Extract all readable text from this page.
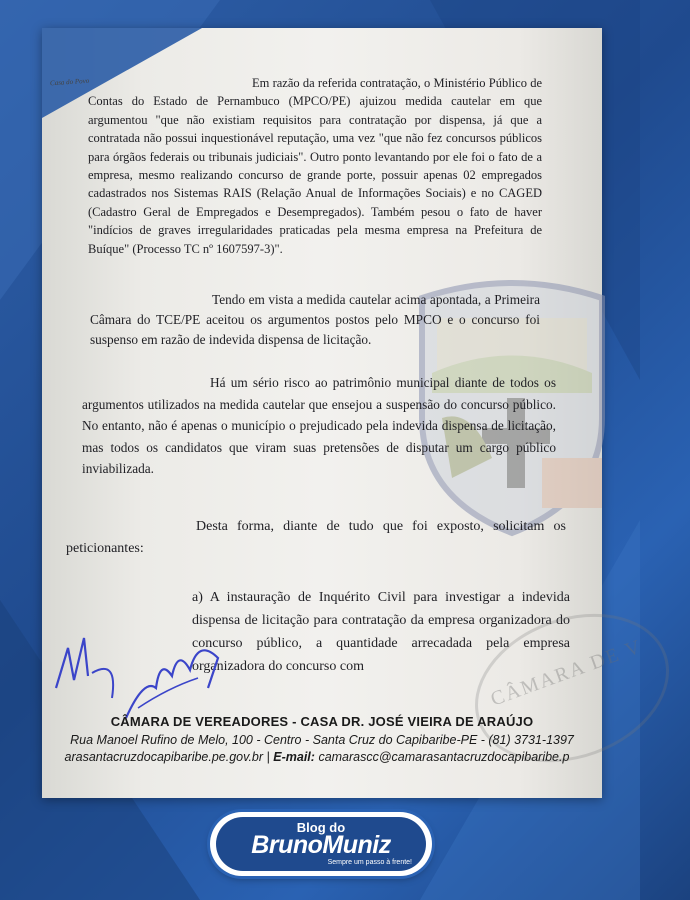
Casa do Povo	Em razão da referida contratação, o Ministério Público de Contas do Estado de Pernambuco (MPCO/PE) ajuizou medida cautelar em que argumentou "que não existiam requisitos para contratação por dispensa, já que a contratada não possui inquestionável reputação, uma vez "que não fez concursos públicos para órgãos federais ou tribunais judiciais". Outro ponto levantando por ele foi o fato de a empresa, mesmo realizando concurso de grande porte, possuir apenas 02 empregados cadastrados nos Sistemas RAIS (Relação Anual de Informações Sociais) e no CAGED (Cadastro Geral de Empregados e Desempregados). Também pesou o fato de haver "indícios de graves irregularidades praticadas pela mesma empresa na Prefeitura de Buíque" (Processo TC nº 1607597-3)".
Tendo em vista a medida cautelar acima apontada, a Primeira Câmara do TCE/PE aceitou os argumentos postos pelo MPCO e o concurso foi suspenso em razão de indevida dispensa de licitação.
Há um sério risco ao patrimônio municipal diante de todos os argumentos utilizados na medida cautelar que ensejou a suspensão do concurso público. No entanto, não é apenas o município o prejudicado pela indevida dispensa de licitação, mas todos os candidatos que viram suas pretensões de disputar um cargo público inviabilizada.
Desta forma, diante de tudo que foi exposto, solicitam os peticionantes:
a) A instauração de Inquérito Civil para investigar a indevida dispensa de licitação para contratação da empresa organizadora do concurso público, a quantidade arrecadada pela empresa organizadora do concurso com	CÂMARA DE V
CÂMARA DE VEREADORES - CASA DR. JOSÉ VIEIRA DE ARAÚJO
Rua Manoel Rufino de Melo, 100 - Centro - Santa Cruz do Capibaribe-PE - (81) 3731-1397
arasantacruzdocapibaribe.pe.gov.br | E-mail: camarascc@camarasantacruzdocapibaribe.p
Blog do
BrunoMuniz
Sempre um passo à frente!
